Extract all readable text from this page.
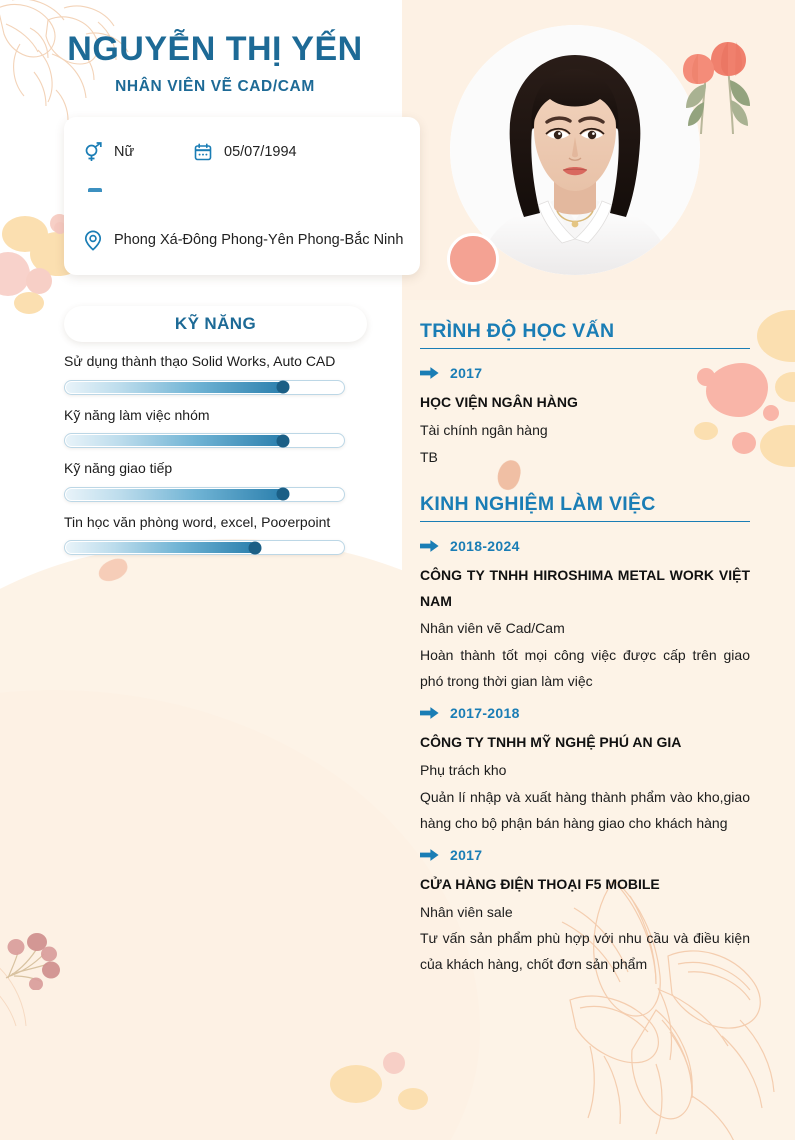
NGUYỄN THỊ YẾN
NHÂN VIÊN VẼ CAD/CAM
Nữ	05/07/1994
Phong Xá-Đông Phong-Yên Phong-Bắc Ninh
KỸ NĂNG
Sử dụng thành thạo Solid Works, Auto CAD
Kỹ năng làm việc nhóm
Kỹ năng giao tiếp
Tin học văn phòng word, excel, Poơerpoint
TRÌNH ĐỘ HỌC VẤN
2017
HỌC VIỆN NGÂN HÀNG
Tài chính ngân hàng
TB
KINH NGHIỆM LÀM VIỆC
2018-2024
CÔNG TY TNHH HIROSHIMA METAL WORK VIỆT NAM
Nhân viên vẽ Cad/Cam
Hoàn thành tốt mọi công việc được cấp trên giao phó trong thời gian làm việc
2017-2018
CÔNG TY TNHH MỸ NGHỆ PHÚ AN GIA
Phụ trách kho
Quản lí nhập và xuất hàng thành phẩm vào kho,giao hàng cho bộ phận bán hàng giao cho khách hàng
2017
CỬA HÀNG ĐIỆN THOẠI F5 MOBILE
Nhân viên sale
Tư vấn sản phẩm phù hợp với nhu cầu và điều kiện của khách hàng, chốt đơn sản phẩm
